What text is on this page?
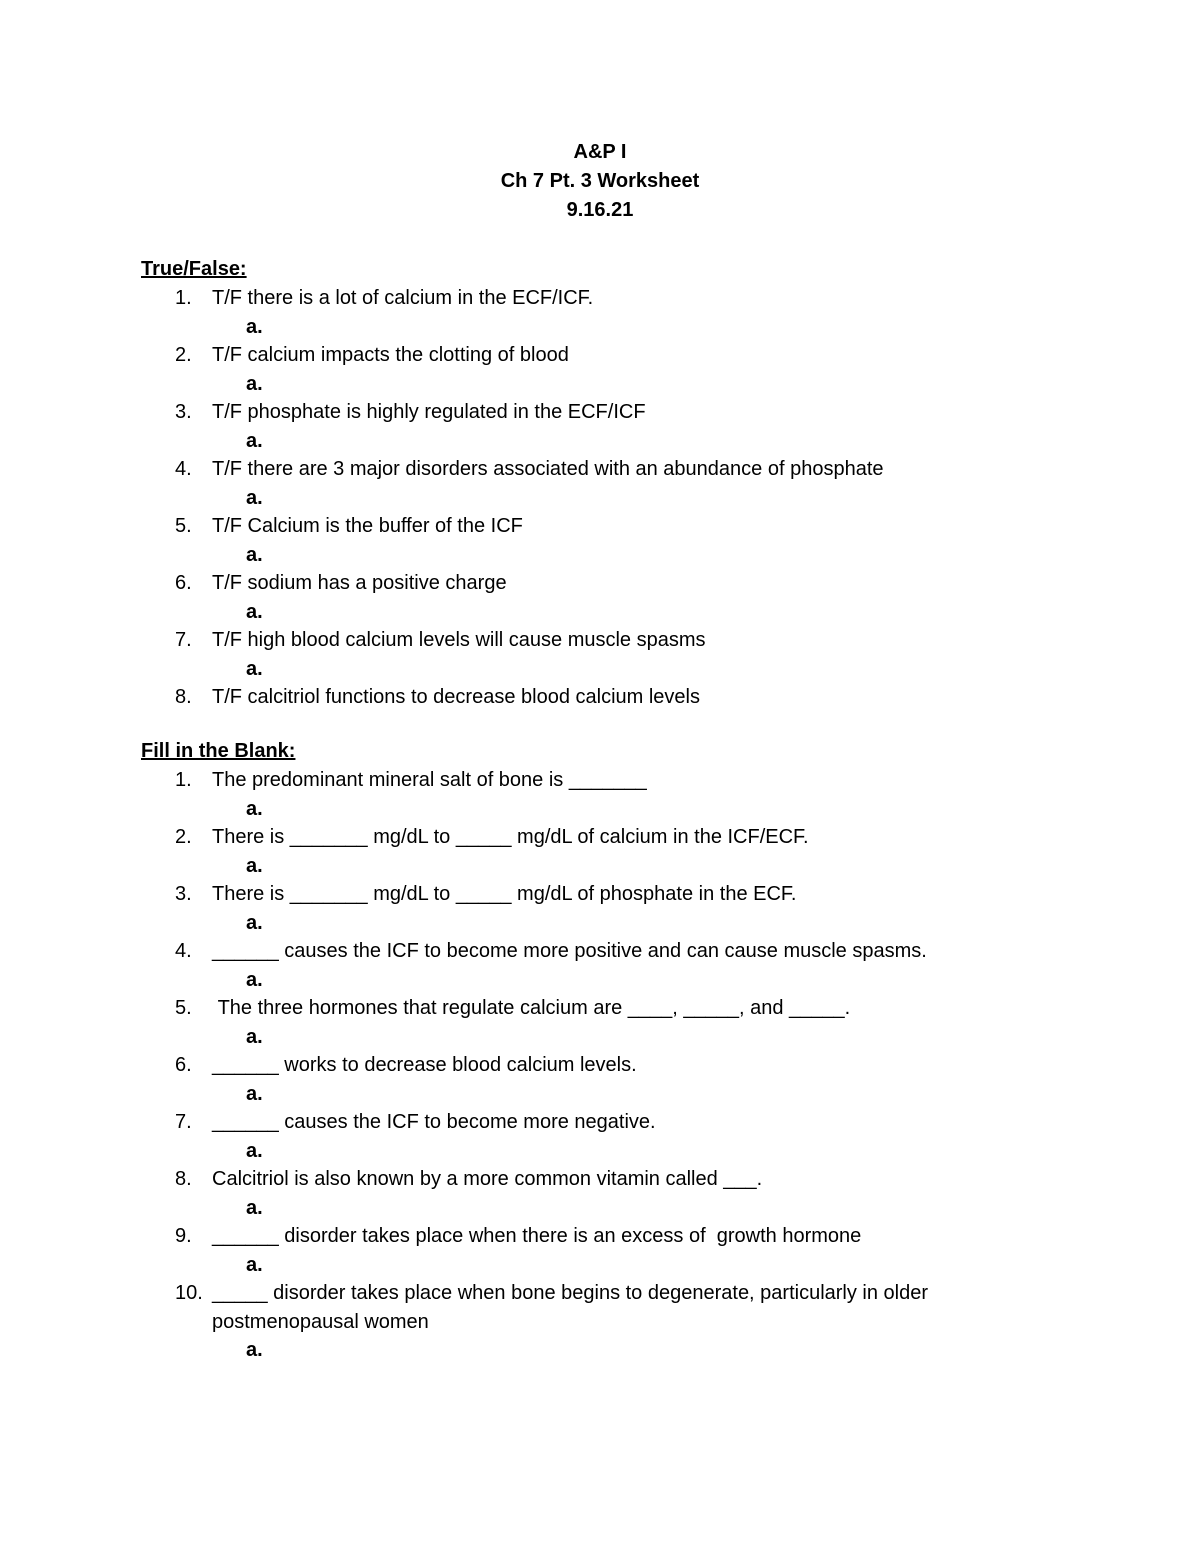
A&P I
Ch 7 Pt. 3 Worksheet
9.16.21
True/False:
1. T/F there is a lot of calcium in the ECF/ICF.
a.
2. T/F calcium impacts the clotting of blood
a.
3. T/F phosphate is highly regulated in the ECF/ICF
a.
4. T/F there are 3 major disorders associated with an abundance of phosphate
a.
5. T/F Calcium is the buffer of the ICF
a.
6. T/F sodium has a positive charge
a.
7. T/F high blood calcium levels will cause muscle spasms
a.
8. T/F calcitriol functions to decrease blood calcium levels
Fill in the Blank:
1. The predominant mineral salt of bone is _______
a.
2. There is _______ mg/dL to _____ mg/dL of calcium in the ICF/ECF.
a.
3. There is _______ mg/dL to _____ mg/dL of phosphate in the ECF.
a.
4. ______ causes the ICF to become more positive and can cause muscle spasms.
a.
5. The three hormones that regulate calcium are ____, _____, and _____.
a.
6. ______ works to decrease blood calcium levels.
a.
7. ______ causes the ICF to become more negative.
a.
8. Calcitriol is also known by a more common vitamin called ___.
a.
9. ______ disorder takes place when there is an excess of  growth hormone
a.
10. _____ disorder takes place when bone begins to degenerate, particularly in older postmenopausal women
a.
